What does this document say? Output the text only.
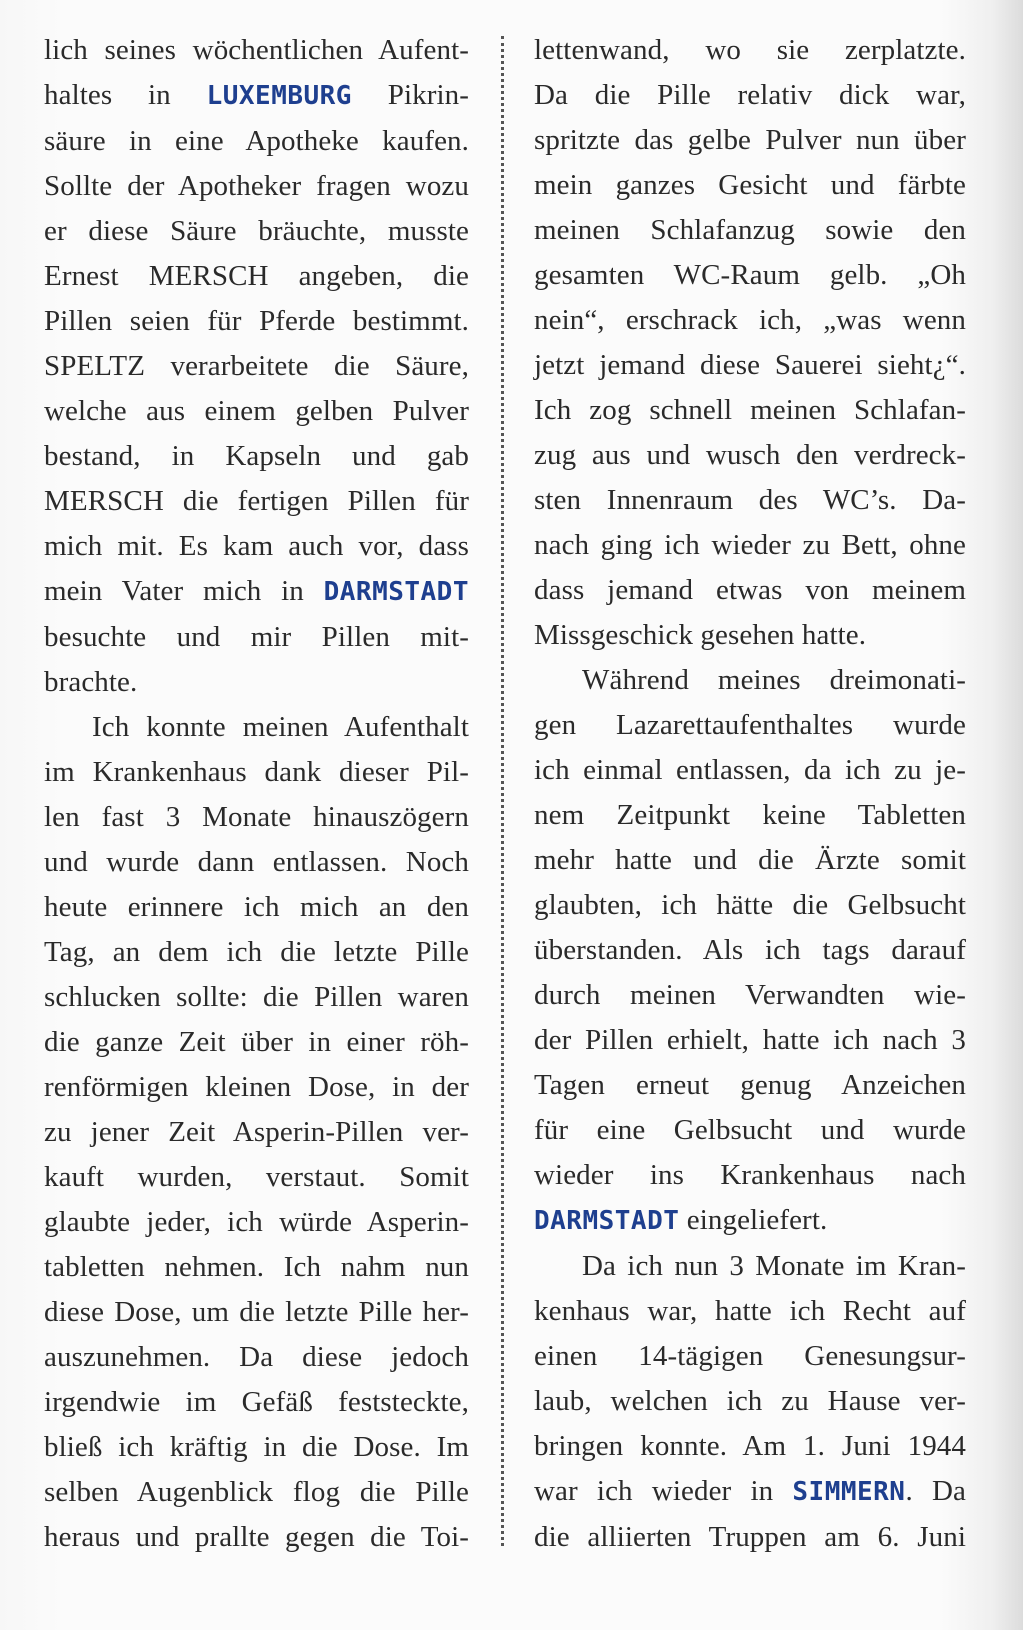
lich seines wöchentlichen Aufent-
haltes in LUXEMBURG Pikrin-
säure in eine Apotheke kaufen.
Sollte der Apotheker fragen wozu
er diese Säure bräuchte, musste
Ernest MERSCH angeben, die
Pillen seien für Pferde bestimmt.
SPELTZ verarbeitete die Säure,
welche aus einem gelben Pulver
bestand, in Kapseln und gab
MERSCH die fertigen Pillen für
mich mit. Es kam auch vor, dass
mein Vater mich in DARMSTADT
besuchte und mir Pillen mit-
brachte.
Ich konnte meinen Aufenthalt
im Krankenhaus dank dieser Pil-
len fast 3 Monate hinauszögern
und wurde dann entlassen. Noch
heute erinnere ich mich an den
Tag, an dem ich die letzte Pille
schlucken sollte: die Pillen waren
die ganze Zeit über in einer röh-
renförmigen kleinen Dose, in der
zu jener Zeit Asperin-Pillen ver-
kauft wurden, verstaut. Somit
glaubte jeder, ich würde Asperin-
tabletten nehmen. Ich nahm nun
diese Dose, um die letzte Pille her-
auszunehmen. Da diese jedoch
irgendwie im Gefäß feststeckte,
bließ ich kräftig in die Dose. Im
selben Augenblick flog die Pille
heraus und prallte gegen die Toi-
lettenwand, wo sie zerplatzte.
Da die Pille relativ dick war,
spritzte das gelbe Pulver nun über
mein ganzes Gesicht und färbte
meinen Schlafanzug sowie den
gesamten WC-Raum gelb. „Oh
nein“, erschrack ich, „was wenn
jetzt jemand diese Sauerei sieht¿“.
Ich zog schnell meinen Schlafan-
zug aus und wusch den verdreck-
sten Innenraum des WC’s. Da-
nach ging ich wieder zu Bett, ohne
dass jemand etwas von meinem
Missgeschick gesehen hatte.
Während meines dreimonati-
gen Lazarettaufenthaltes wurde
ich einmal entlassen, da ich zu je-
nem Zeitpunkt keine Tabletten
mehr hatte und die Ärzte somit
glaubten, ich hätte die Gelbsucht
überstanden. Als ich tags darauf
durch meinen Verwandten wie-
der Pillen erhielt, hatte ich nach 3
Tagen erneut genug Anzeichen
für eine Gelbsucht und wurde
wieder ins Krankenhaus nach
DARMSTADT eingeliefert.
Da ich nun 3 Monate im Kran-
kenhaus war, hatte ich Recht auf
einen 14-tägigen Genesungsur-
laub, welchen ich zu Hause ver-
bringen konnte. Am 1. Juni 1944
war ich wieder in SIMMERN. Da
die alliierten Truppen am 6. Juni
